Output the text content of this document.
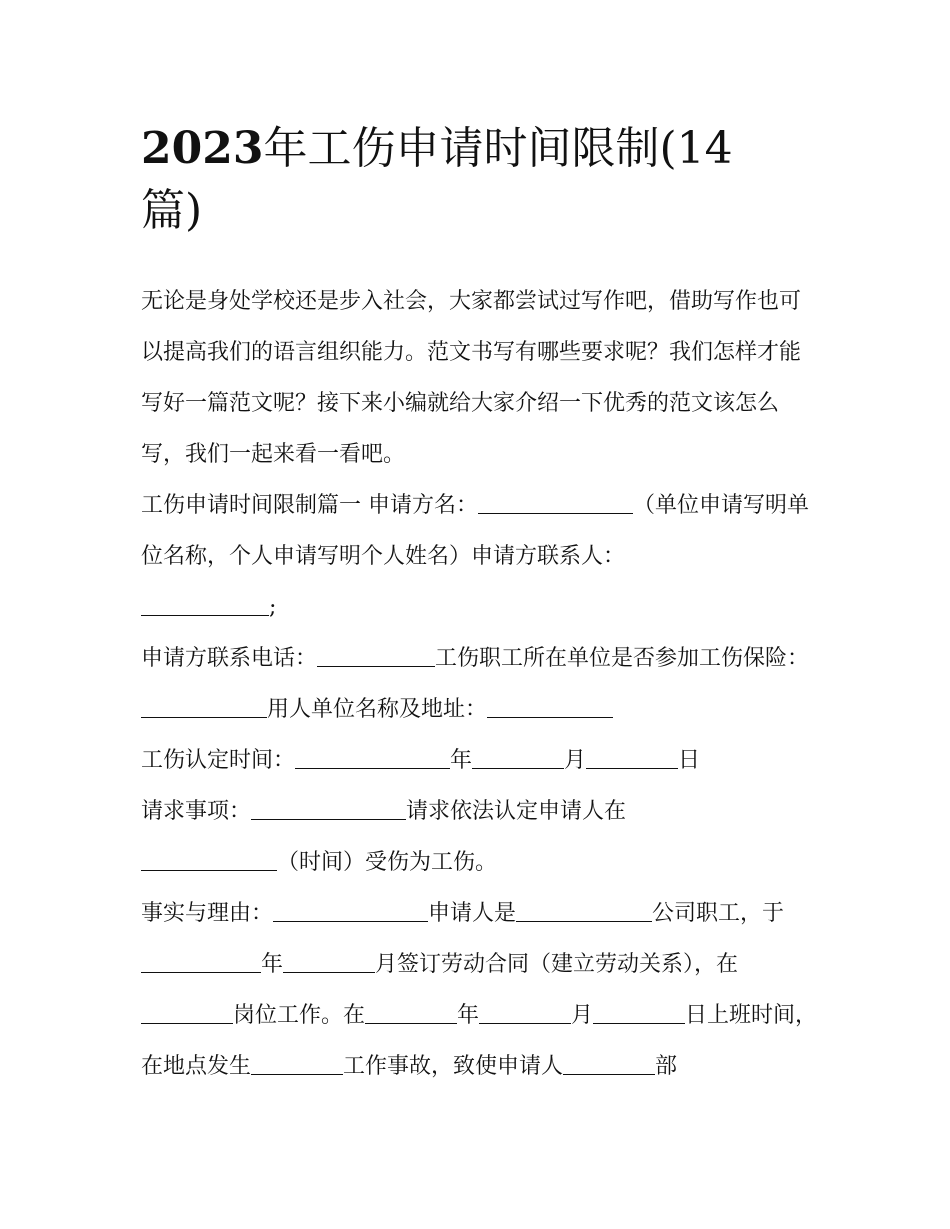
2023年工伤申请时间限制(14
篇)

无论是身处学校还是步入社会，大家都尝试过写作吧，借助写作也可以提高我们的语言组织能力。范文书写有哪些要求呢？我们怎样才能写好一篇范文呢？接下来小编就给大家介绍一下优秀的范文该怎么写，我们一起来看一看吧。

工伤申请时间限制篇一 申请方名：	（单位申请写明单位名称，个人申请写明个人姓名）申请方联系人：
;

申请方联系电话：	工伤职工所在单位是否参加工伤保险：用人单位名称及地址：

工伤认定时间：	年	月	日

请求事项：	请求依法认定申请人在
（时间）受伤为工伤。

事实与理由：	申请人是	公司职工，于年	月签订劳动合同（建立劳动关系），在岗位工作。在	年	月	日上班时间，在地点发生	工作事故，致使申请人	部
